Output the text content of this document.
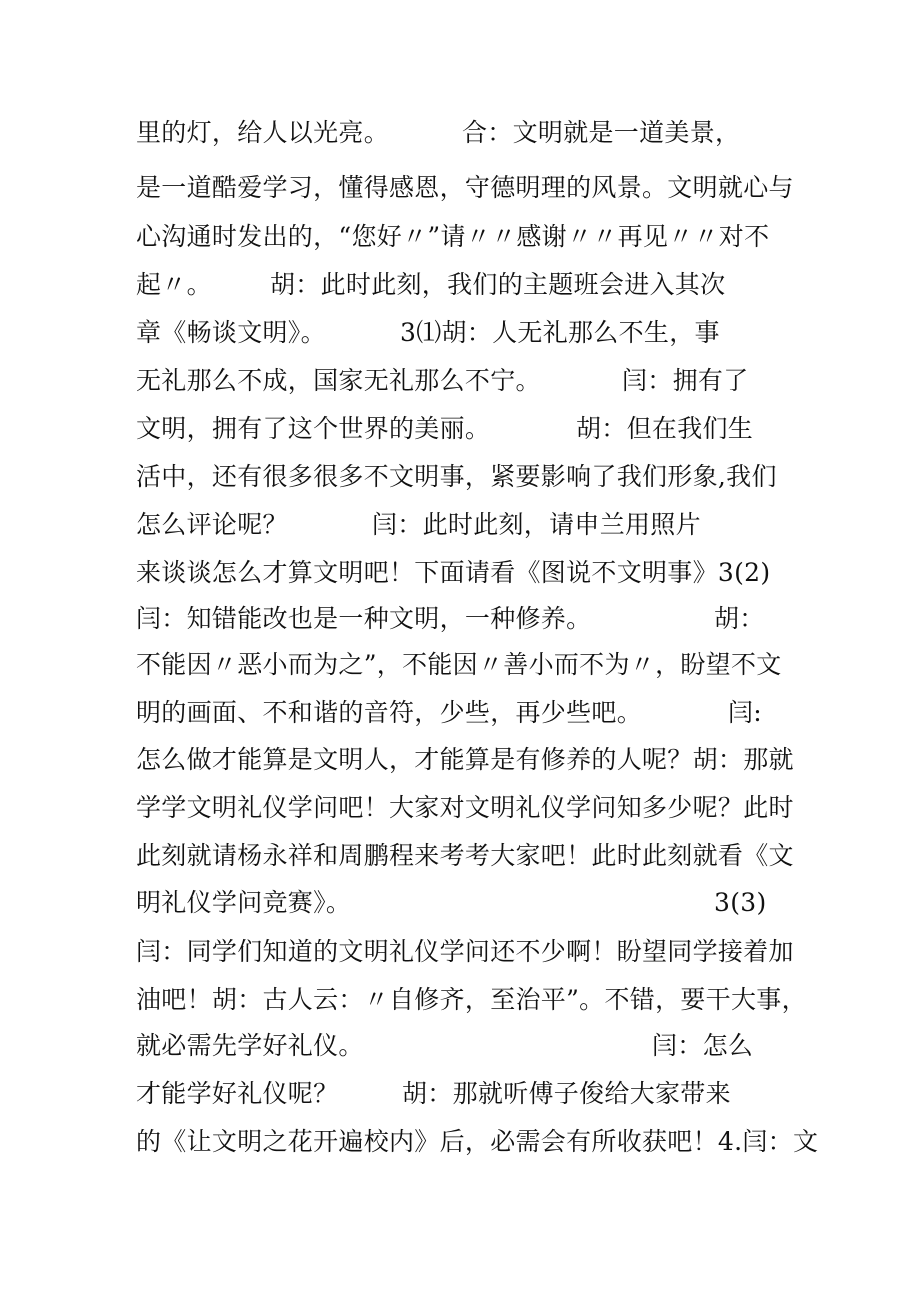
里的灯，给人以光亮。

	合：文明就是一道美景，

是一道酷爱学习，懂得感恩，守德明理的风景。文明就心与

心沟通时发出的，“您好〃”请〃〃感谢〃〃再见〃〃对不

起〃。

胡：此时此刻，我们的主题班会进入其次

章《畅谈文明》。

	3⑴胡：人无礼那么不生，事

无礼那么不成，国家无礼那么不宁。

	闫：拥有了

文明，拥有了这个世界的美丽。

	胡：但在我们生

活中，还有很多很多不文明事，紧要影响了我们形象,我们

怎么评论呢？

	闫：此时此刻，请申兰用照片

来谈谈怎么才算文明吧！下面请看《图说不文明事》3(2)

闫：知错能改也是一种文明，一种修养。

	胡：

不能因〃恶小而为之”，不能因〃善小而不为〃，盼望不文

明的画面、不和谐的音符，少些，再少些吧。

	闫:

怎么做才能算是文明人，才能算是有修养的人呢？胡：那就

学学文明礼仪学问吧！大家对文明礼仪学问知多少呢？此时

此刻就请杨永祥和周鹏程来考考大家吧！此时此刻就看《文

明礼仪学问竞赛》。

	3(3)

闫：同学们知道的文明礼仪学问还不少啊！盼望同学接着加

油吧！胡：古人云：〃自修齐，至治平”。不错，要干大事，

就必需先学好礼仪。

	闫：怎么

才能学好礼仪呢？

	胡：那就听傅子俊给大家带来

的《让文明之花开遍校内》后，必需会有所收获吧！4.闫：文
